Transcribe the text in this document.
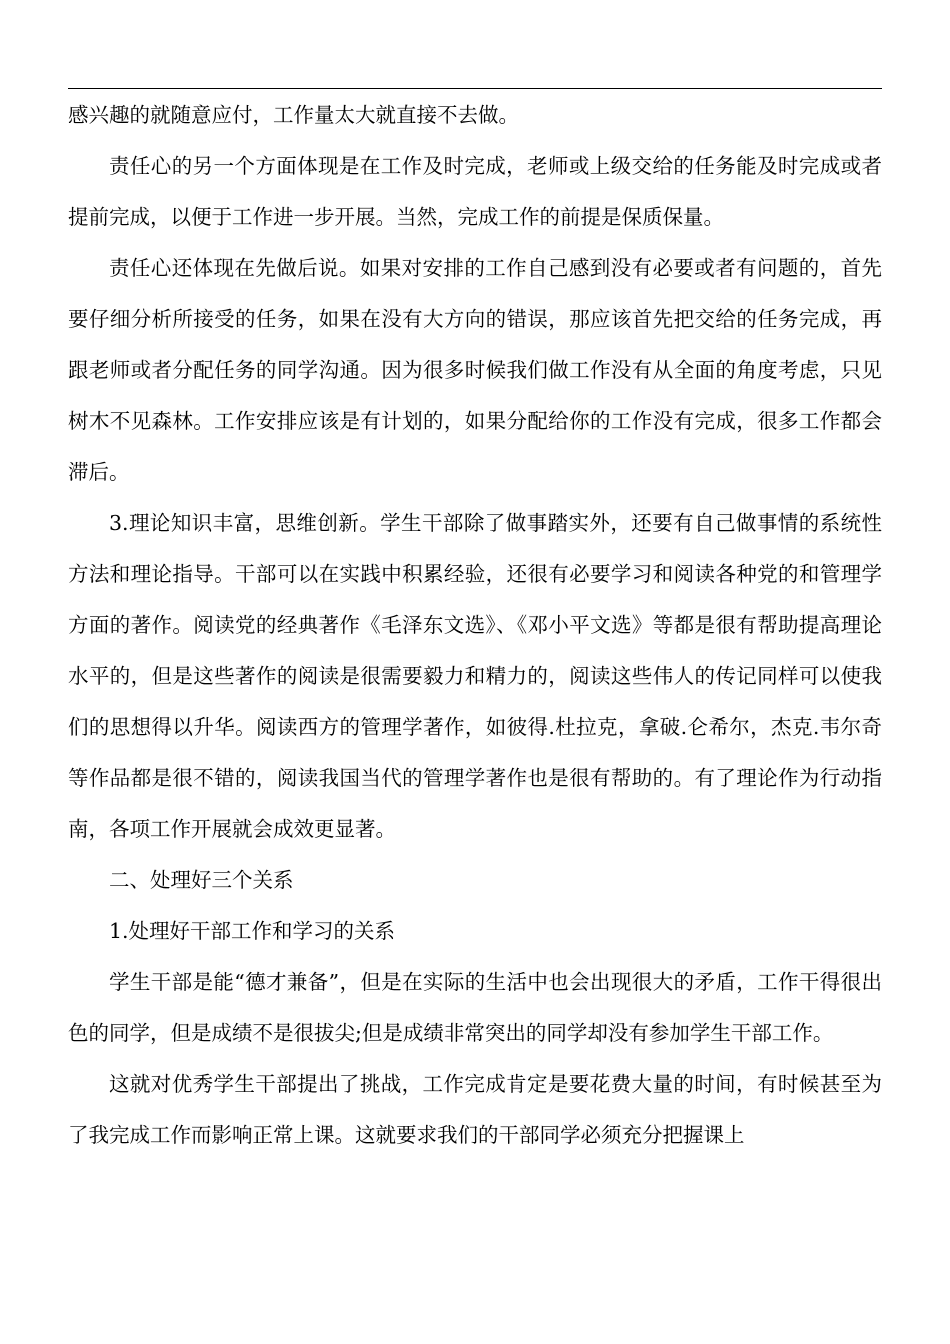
感兴趣的就随意应付，工作量太大就直接不去做。

责任心的另一个方面体现是在工作及时完成，老师或上级交给的任务能及时完成或者提前完成，以便于工作进一步开展。当然，完成工作的前提是保质保量。

责任心还体现在先做后说。如果对安排的工作自己感到没有必要或者有问题的，首先要仔细分析所接受的任务，如果在没有大方向的错误，那应该首先把交给的任务完成，再跟老师或者分配任务的同学沟通。因为很多时候我们做工作没有从全面的角度考虑，只见树木不见森林。工作安排应该是有计划的，如果分配给你的工作没有完成，很多工作都会滞后。

3.理论知识丰富，思维创新。学生干部除了做事踏实外，还要有自己做事情的系统性方法和理论指导。干部可以在实践中积累经验，还很有必要学习和阅读各种党的和管理学方面的著作。阅读党的经典著作《毛泽东文选》、《邓小平文选》等都是很有帮助提高理论水平的，但是这些著作的阅读是很需要毅力和精力的，阅读这些伟人的传记同样可以使我们的思想得以升华。阅读西方的管理学著作，如彼得.杜拉克，拿破.仑希尔，杰克.韦尔奇等作品都是很不错的，阅读我国当代的管理学著作也是很有帮助的。有了理论作为行动指南，各项工作开展就会成效更显著。

二、处理好三个关系

1.处理好干部工作和学习的关系

学生干部是能“德才兼备”，但是在实际的生活中也会出现很大的矛盾，工作干得很出色的同学，但是成绩不是很拔尖;但是成绩非常突出的同学却没有参加学生干部工作。

这就对优秀学生干部提出了挑战，工作完成肯定是要花费大量的时间，有时候甚至为了我完成工作而影响正常上课。这就要求我们的干部同学必须充分把握课上
